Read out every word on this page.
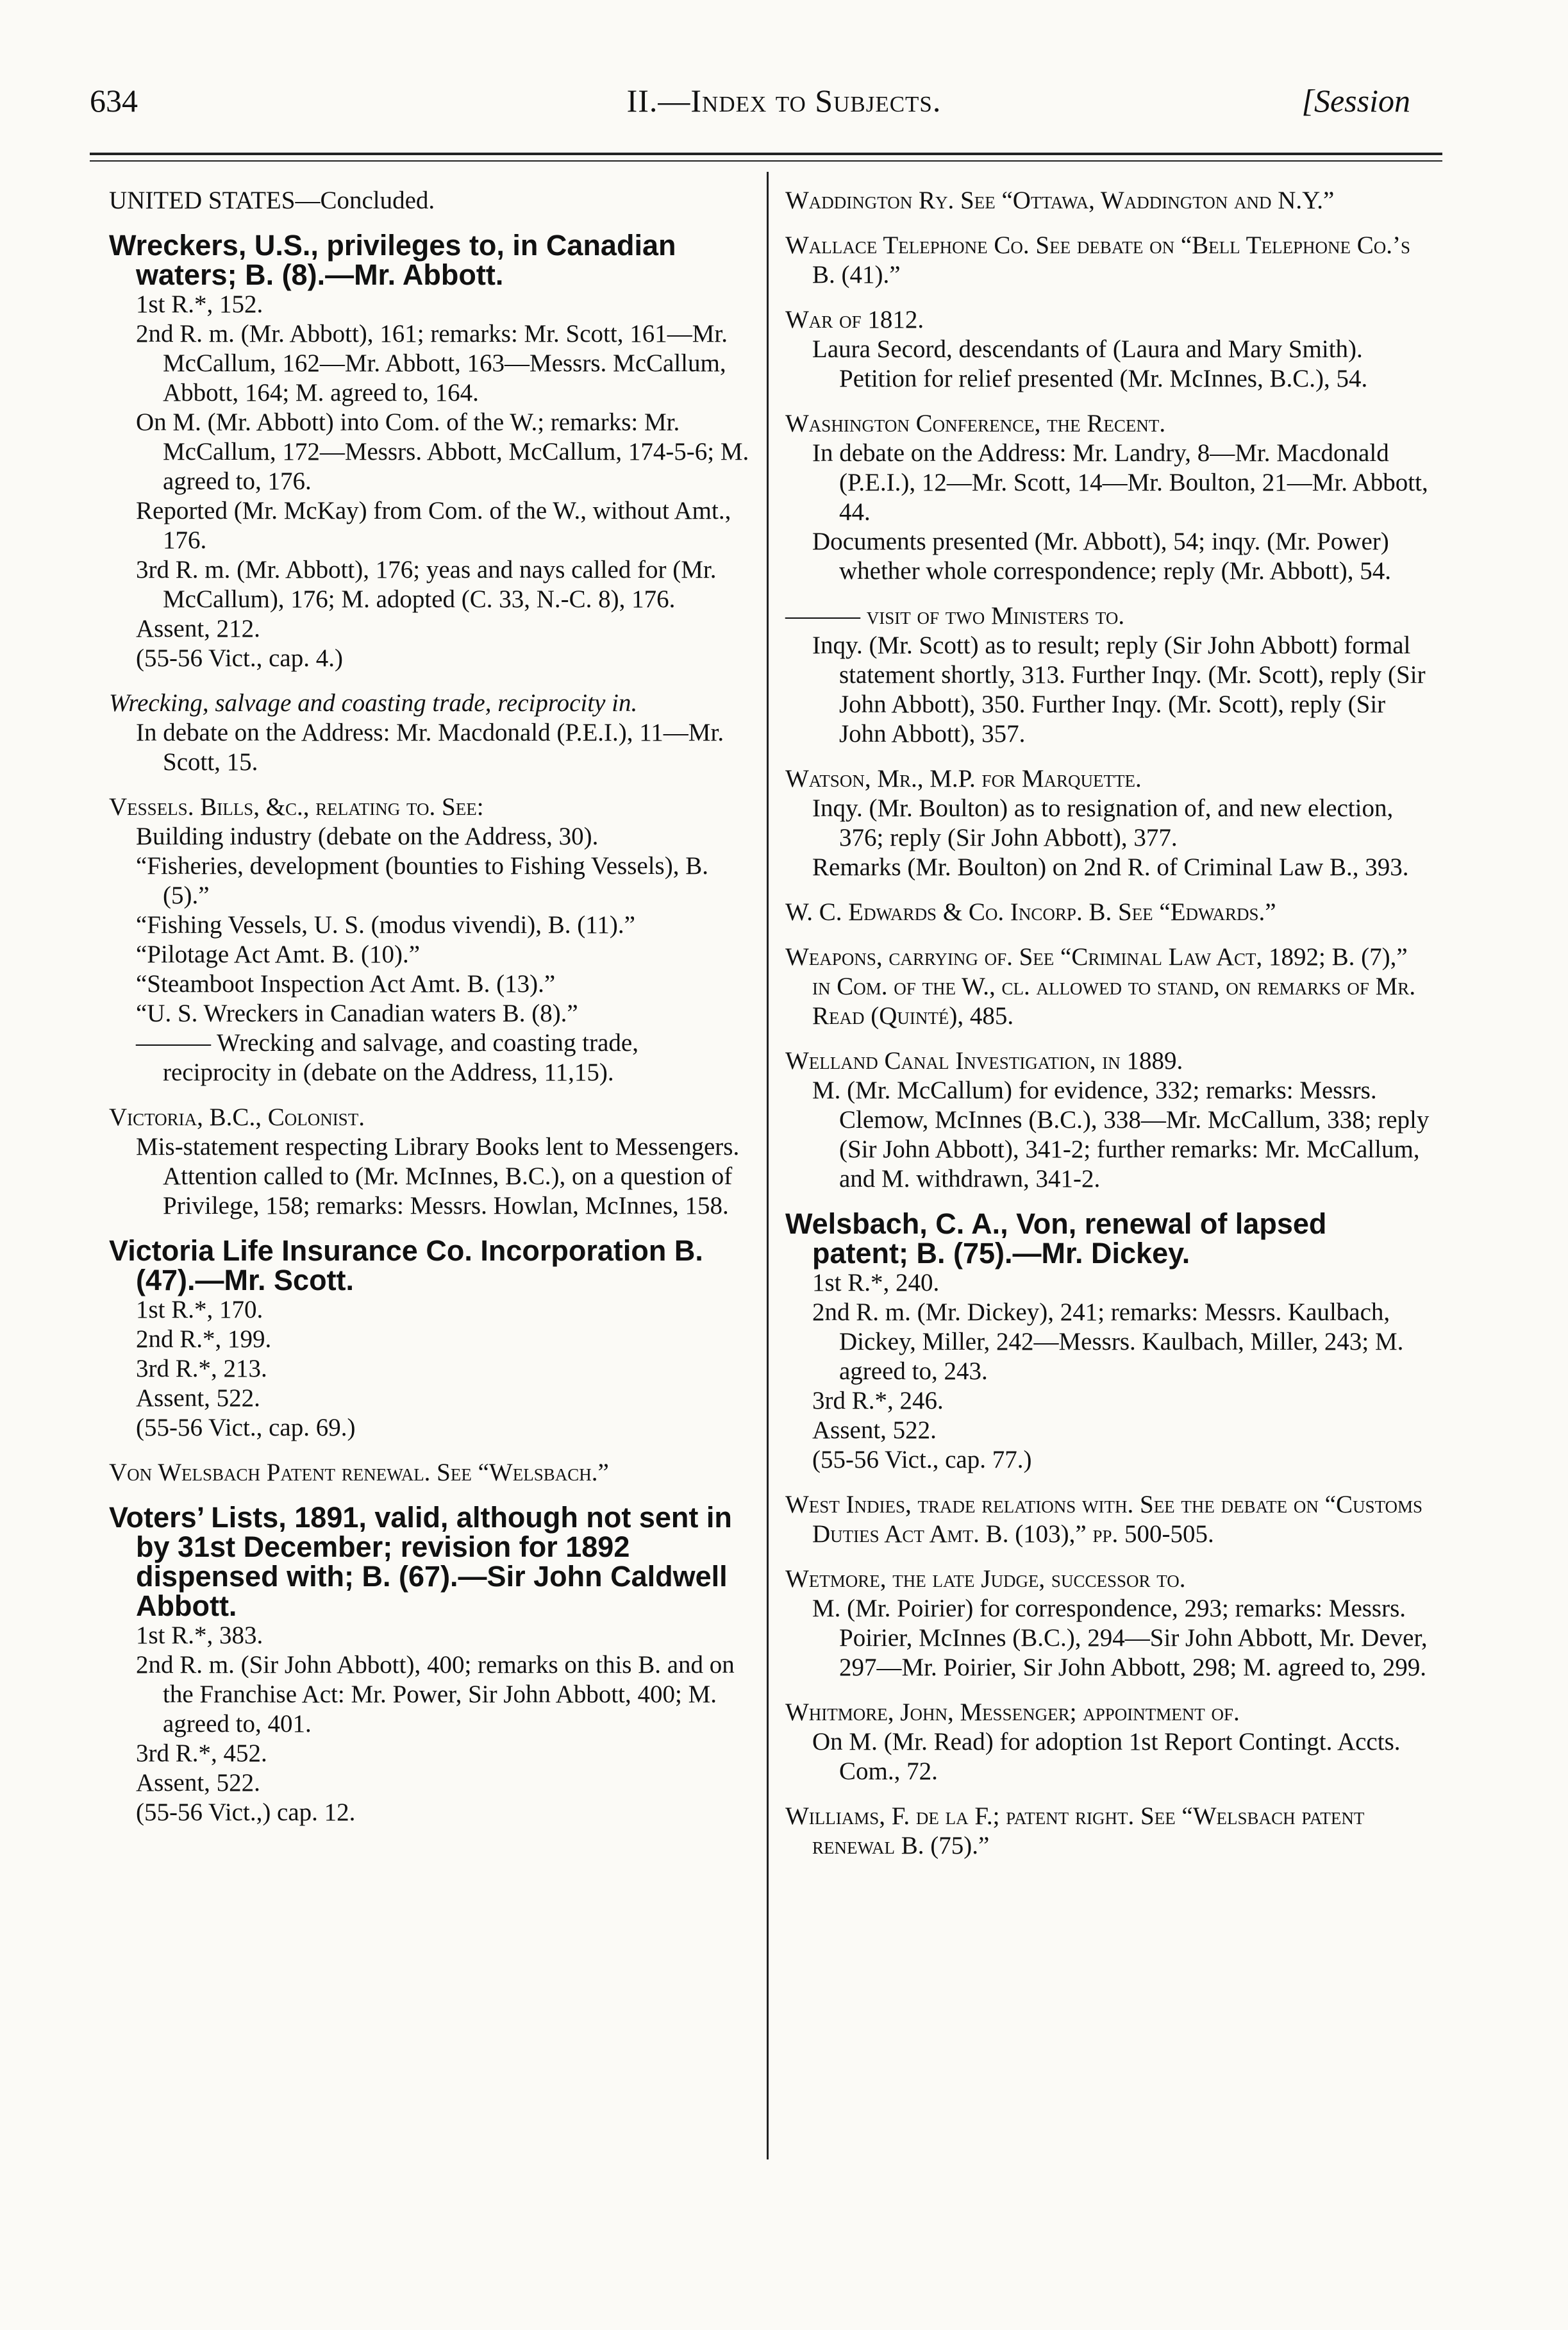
634	II.—Index to Subjects.	[Session

UNITED STATES—Concluded.

Wreckers, U.S., privileges to, in Canadian waters; B. (8).—Mr. Abbott.

1st R.*, 152.

2nd R. m. (Mr. Abbott), 161; remarks: Mr. Scott, 161—Mr. McCallum, 162—Mr. Abbott, 163—Messrs. McCallum, Abbott, 164; M. agreed to, 164.

On M. (Mr. Abbott) into Com. of the W.; remarks: Mr. McCallum, 172—Messrs. Abbott, McCallum, 174-5-6; M. agreed to, 176.

Reported (Mr. McKay) from Com. of the W., without Amt., 176.

3rd R. m. (Mr. Abbott), 176; yeas and nays called for (Mr. McCallum), 176; M. adopted (C. 33, N.-C. 8), 176.

Assent, 212.

(55-56 Vict., cap. 4.)

Wrecking, salvage and coasting trade, reciprocity in.

In debate on the Address: Mr. Macdonald (P.E.I.), 11—Mr. Scott, 15.

Vessels. Bills, &c., relating to. See:

Building industry (debate on the Address, 30).

“Fisheries, development (bounties to Fishing Vessels), B. (5).”

“Fishing Vessels, U. S. (modus vivendi), B. (11).”

“Pilotage Act Amt. B. (10).”

“Steamboot Inspection Act Amt. B. (13).”

“U. S. Wreckers in Canadian waters B. (8).”

——— Wrecking and salvage, and coasting trade, reciprocity in (debate on the Address, 11,15).

Victoria, B.C., Colonist.

Mis-statement respecting Library Books lent to Messengers. Attention called to (Mr. McInnes, B.C.), on a question of Privilege, 158; remarks: Messrs. Howlan, McInnes, 158.

Victoria Life Insurance Co. Incorporation B. (47).—Mr. Scott.

1st R.*, 170.

2nd R.*, 199.

3rd R.*, 213.

Assent, 522.

(55-56 Vict., cap. 69.)

Von Welsbach Patent renewal. See “Welsbach.”

Voters’ Lists, 1891, valid, although not sent in by 31st December; revision for 1892 dispensed with; B. (67).—Sir John Caldwell Abbott.

1st R.*, 383.

2nd R. m. (Sir John Abbott), 400; remarks on this B. and on the Franchise Act: Mr. Power, Sir John Abbott, 400; M. agreed to, 401.

3rd R.*, 452.

Assent, 522.

(55-56 Vict.,) cap. 12.

Waddington Ry. See “Ottawa, Waddington and N.Y.”

Wallace Telephone Co. See debate on “Bell Telephone Co.’s B. (41).”

War of 1812.

Laura Secord, descendants of (Laura and Mary Smith). Petition for relief presented (Mr. McInnes, B.C.), 54.

Washington Conference, the Recent.

In debate on the Address: Mr. Landry, 8—Mr. Macdonald (P.E.I.), 12—Mr. Scott, 14—Mr. Boulton, 21—Mr. Abbott, 44.

Documents presented (Mr. Abbott), 54; inqy. (Mr. Power) whether whole correspondence; reply (Mr. Abbott), 54.

——— visit of two Ministers to.

Inqy. (Mr. Scott) as to result; reply (Sir John Abbott) formal statement shortly, 313. Further Inqy. (Mr. Scott), reply (Sir John Abbott), 350. Further Inqy. (Mr. Scott), reply (Sir John Abbott), 357.

Watson, Mr., M.P. for Marquette.

Inqy. (Mr. Boulton) as to resignation of, and new election, 376; reply (Sir John Abbott), 377.

Remarks (Mr. Boulton) on 2nd R. of Criminal Law B., 393.

W. C. Edwards & Co. Incorp. B. See “Edwards.”

Weapons, carrying of. See “Criminal Law Act, 1892; B. (7),” in Com. of the W., cl. allowed to stand, on remarks of Mr. Read (Quinté), 485.

Welland Canal Investigation, in 1889.

M. (Mr. McCallum) for evidence, 332; remarks: Messrs. Clemow, McInnes (B.C.), 338—Mr. McCallum, 338; reply (Sir John Abbott), 341-2; further remarks: Mr. McCallum, and M. withdrawn, 341-2.

Welsbach, C. A., Von, renewal of lapsed patent; B. (75).—Mr. Dickey.

1st R.*, 240.

2nd R. m. (Mr. Dickey), 241; remarks: Messrs. Kaulbach, Dickey, Miller, 242—Messrs. Kaulbach, Miller, 243; M. agreed to, 243.

3rd R.*, 246.

Assent, 522.

(55-56 Vict., cap. 77.)

West Indies, trade relations with. See the debate on “Customs Duties Act Amt. B. (103),” pp. 500-505.

Wetmore, the late Judge, successor to.

M. (Mr. Poirier) for correspondence, 293; remarks: Messrs. Poirier, McInnes (B.C.), 294—Sir John Abbott, Mr. Dever, 297—Mr. Poirier, Sir John Abbott, 298; M. agreed to, 299.

Whitmore, John, Messenger; appointment of.

On M. (Mr. Read) for adoption 1st Report Contingt. Accts. Com., 72.

Williams, F. de la F.; patent right. See “Welsbach patent renewal B. (75).”
